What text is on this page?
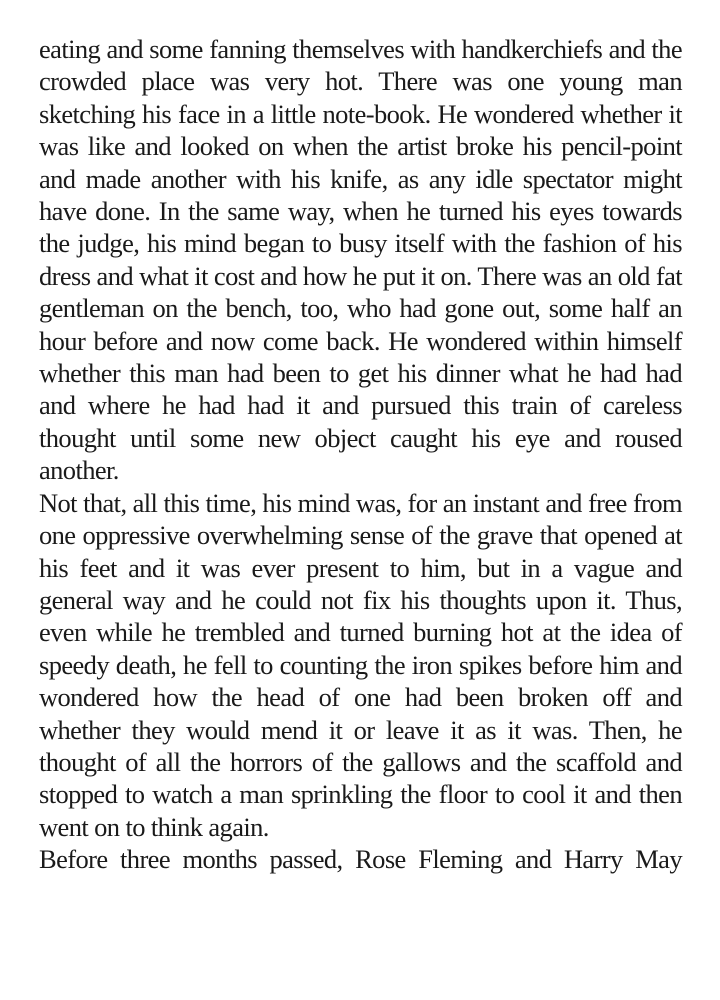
eating and some fanning themselves with handkerchiefs and the crowded place was very hot. There was one young man sketching his face in a little note-book. He wondered whether it was like and looked on when the artist broke his pencil-point and made another with his knife, as any idle spectator might have done. In the same way, when he turned his eyes towards the judge, his mind began to busy itself with the fashion of his dress and what it cost and how he put it on. There was an old fat gentleman on the bench, too, who had gone out, some half an hour before and now come back. He wondered within himself whether this man had been to get his dinner what he had had and where he had had it and pursued this train of careless thought until some new object caught his eye and roused another.

Not that, all this time, his mind was, for an instant and free from one oppressive overwhelming sense of the grave that opened at his feet and it was ever present to him, but in a vague and general way and he could not fix his thoughts upon it. Thus, even while he trembled and turned burning hot at the idea of speedy death, he fell to counting the iron spikes before him and wondered how the head of one had been broken off and whether they would mend it or leave it as it was. Then, he thought of all the horrors of the gallows and the scaffold and stopped to watch a man sprinkling the floor to cool it and then went on to think again.

Before three months passed, Rose Fleming and Harry May
